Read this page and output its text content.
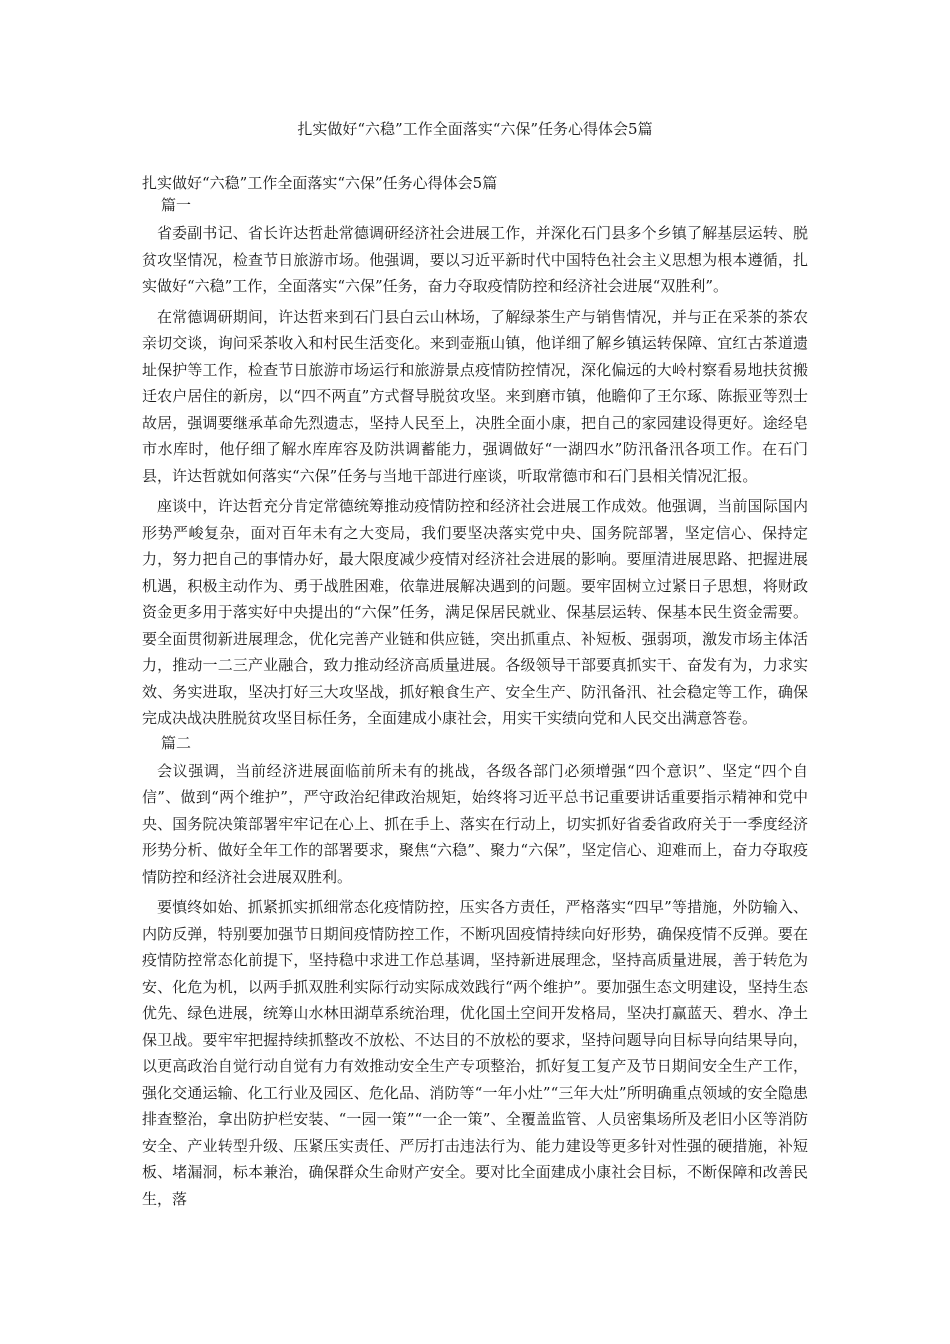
扎实做好“六稳”工作全面落实“六保”任务心得体会5篇

扎实做好“六稳”工作全面落实“六保”任务心得体会5篇

篇一

省委副书记、省长许达哲赴常德调研经济社会进展工作，并深化石门县多个乡镇了解基层运转、脱贫攻坚情况，检查节日旅游市场。他强调，要以习近平新时代中国特色社会主义思想为根本遵循，扎实做好“六稳”工作，全面落实“六保”任务，奋力夺取疫情防控和经济社会进展“双胜利”。

在常德调研期间，许达哲来到石门县白云山林场，了解绿茶生产与销售情况，并与正在采茶的茶农亲切交谈，询问采茶收入和村民生活变化。来到壶瓶山镇，他详细了解乡镇运转保障、宜红古茶道遗址保护等工作，检查节日旅游市场运行和旅游景点疫情防控情况，深化偏远的大岭村察看易地扶贫搬迁农户居住的新房，以“四不两直”方式督导脱贫攻坚。来到磨市镇，他瞻仰了王尔琢、陈振亚等烈士故居，强调要继承革命先烈遗志，坚持人民至上，决胜全面小康，把自己的家园建设得更好。途经皂市水库时，他仔细了解水库库容及防洪调蓄能力，强调做好“一湖四水”防汛备汛各项工作。在石门县，许达哲就如何落实“六保”任务与当地干部进行座谈，听取常德市和石门县相关情况汇报。

座谈中，许达哲充分肯定常德统筹推动疫情防控和经济社会进展工作成效。他强调，当前国际国内形势严峻复杂，面对百年未有之大变局，我们要坚决落实党中央、国务院部署，坚定信心、保持定力，努力把自己的事情办好，最大限度减少疫情对经济社会进展的影响。要厘清进展思路、把握进展机遇，积极主动作为、勇于战胜困难，依靠进展解决遇到的问题。要牢固树立过紧日子思想，将财政资金更多用于落实好中央提出的“六保”任务，满足保居民就业、保基层运转、保基本民生资金需要。要全面贯彻新进展理念，优化完善产业链和供应链，突出抓重点、补短板、强弱项，激发市场主体活力，推动一二三产业融合，致力推动经济高质量进展。各级领导干部要真抓实干、奋发有为，力求实效、务实进取，坚决打好三大攻坚战，抓好粮食生产、安全生产、防汛备汛、社会稳定等工作，确保完成决战决胜脱贫攻坚目标任务，全面建成小康社会，用实干实绩向党和人民交出满意答卷。

篇二

会议强调，当前经济进展面临前所未有的挑战，各级各部门必须增强“四个意识”、坚定“四个自信”、做到“两个维护”，严守政治纪律政治规矩，始终将习近平总书记重要讲话重要指示精神和党中央、国务院决策部署牢牢记在心上、抓在手上、落实在行动上，切实抓好省委省政府关于一季度经济形势分析、做好全年工作的部署要求，聚焦“六稳”、聚力“六保”，坚定信心、迎难而上，奋力夺取疫情防控和经济社会进展双胜利。

要慎终如始、抓紧抓实抓细常态化疫情防控，压实各方责任，严格落实“四早”等措施，外防输入、内防反弹，特别要加强节日期间疫情防控工作，不断巩固疫情持续向好形势，确保疫情不反弹。要在疫情防控常态化前提下，坚持稳中求进工作总基调，坚持新进展理念，坚持高质量进展，善于转危为安、化危为机，以两手抓双胜利实际行动实际成效践行“两个维护”。要加强生态文明建设，坚持生态优先、绿色进展，统筹山水林田湖草系统治理，优化国土空间开发格局，坚决打赢蓝天、碧水、净土保卫战。要牢牢把握持续抓整改不放松、不达目的不放松的要求，坚持问题导向目标导向结果导向，以更高政治自觉行动自觉有力有效推动安全生产专项整治，抓好复工复产及节日期间安全生产工作，强化交通运输、化工行业及园区、危化品、消防等“一年小灶”“三年大灶”所明确重点领域的安全隐患排查整治，拿出防护栏安装、“一园一策”“一企一策”、全覆盖监管、人员密集场所及老旧小区等消防安全、产业转型升级、压紧压实责任、严厉打击违法行为、能力建设等更多针对性强的硬措施，补短板、堵漏洞，标本兼治，确保群众生命财产安全。要对比全面建成小康社会目标，不断保障和改善民生，落
